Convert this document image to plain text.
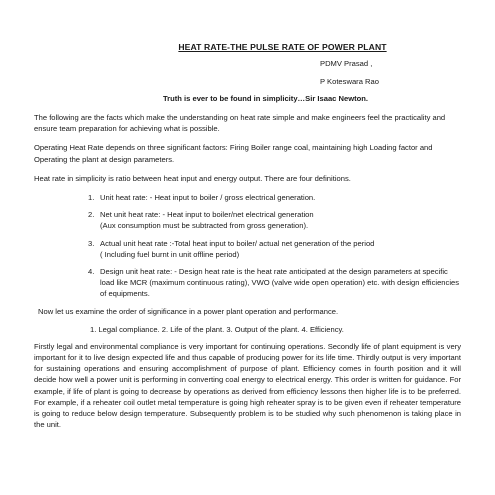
HEAT RATE-THE PULSE RATE OF POWER PLANT
PDMV Prasad ,
P Koteswara Rao
Truth is ever to be found in simplicity…Sir Isaac Newton.

The following are the facts which make the understanding on heat rate simple and make engineers feel the practicality and ensure team preparation for achieving what is possible.

Operating Heat Rate depends on three significant factors: Firing Boiler range coal, maintaining high Loading factor and Operating the plant at design parameters.

Heat rate in simplicity is ratio between heat input and energy output. There are four definitions.

1. Unit heat rate: - Heat input to boiler / gross electrical generation.
2. Net unit heat rate: - Heat input to boiler/net electrical generation
(Aux consumption must be subtracted from gross generation).
3. Actual unit heat rate :-Total heat input to boiler/ actual net generation of the period
( Including fuel burnt in unit offline period)
4. Design unit heat rate: - Design heat rate is the heat rate anticipated at the design parameters at specific load like MCR (maximum continuous rating), VWO (valve wide open operation) etc. with design efficiencies of equipments.

Now let us examine the order of significance in a power plant operation and performance.

1. Legal compliance. 2. Life of the plant. 3. Output of the plant. 4. Efficiency.

Firstly legal and environmental compliance is very important for continuing operations. Secondly life of plant equipment is very important for it to live design expected life and thus capable of producing power for its life time. Thirdly output is very important for sustaining operations and ensuring accomplishment of purpose of plant. Efficiency comes in fourth position and it will decide how well a power unit is performing in converting coal energy to electrical energy. This order is written for guidance. For example, if life of plant is going to decrease by operations as derived from efficiency lessons then higher life is to be preferred. For example, if a reheater coil outlet metal temperature is going high reheater spray is to be given even if reheater temperature is going to reduce below design temperature. Subsequently problem is to be studied why such phenomenon is taking place in the unit.
